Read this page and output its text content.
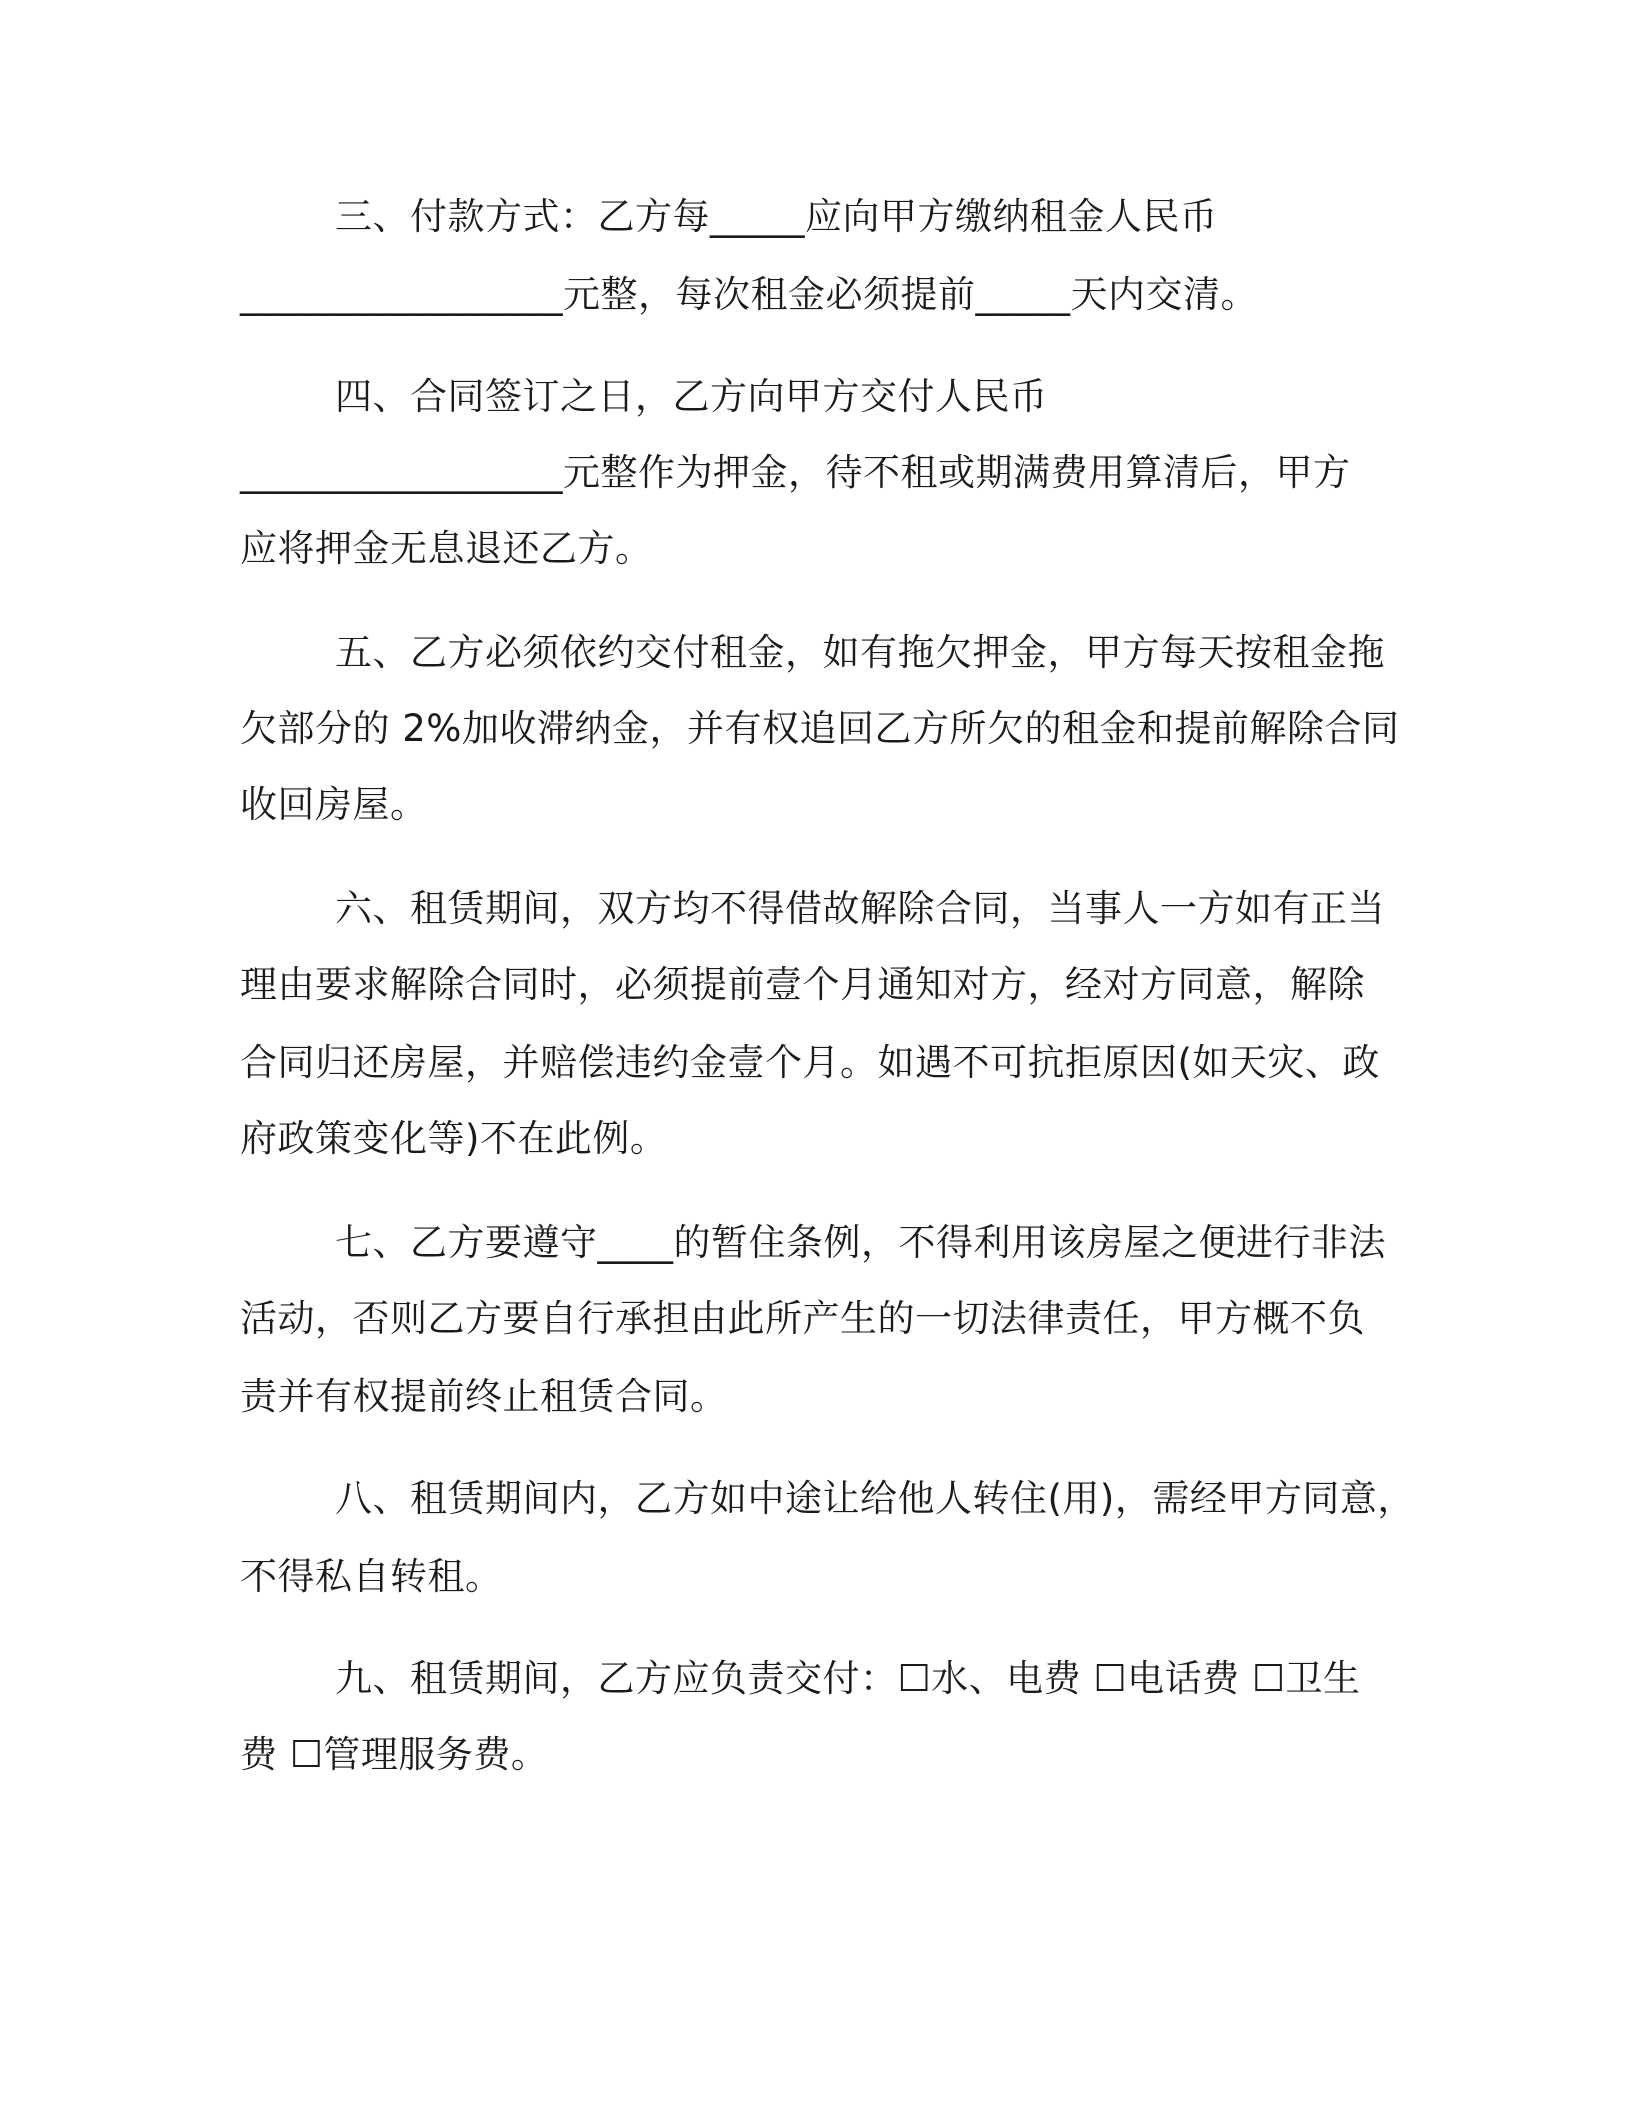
三、付款方式：乙方每_____应向甲方缴纳租金人民币
_________________元整，每次租金必须提前_____天内交清。
四、合同签订之日，乙方向甲方交付人民币
_________________元整作为押金，待不租或期满费用算清后，甲方
应将押金无息退还乙方。
五、乙方必须依约交付租金，如有拖欠押金，甲方每天按租金拖
欠部分的 2%加收滞纳金，并有权追回乙方所欠的租金和提前解除合同
收回房屋。
六、租赁期间，双方均不得借故解除合同，当事人一方如有正当
理由要求解除合同时，必须提前壹个月通知对方，经对方同意，解除
合同归还房屋，并赔偿违约金壹个月。如遇不可抗拒原因(如天灾、政
府政策变化等)不在此例。
七、乙方要遵守____的暂住条例，不得利用该房屋之便进行非法
活动，否则乙方要自行承担由此所产生的一切法律责任，甲方概不负
责并有权提前终止租赁合同。
八、租赁期间内，乙方如中途让给他人转住(用)，需经甲方同意，
不得私自转租。
九、租赁期间，乙方应负责交付：☐水、电费 ☐电话费 ☐卫生
费 ☐管理服务费。
